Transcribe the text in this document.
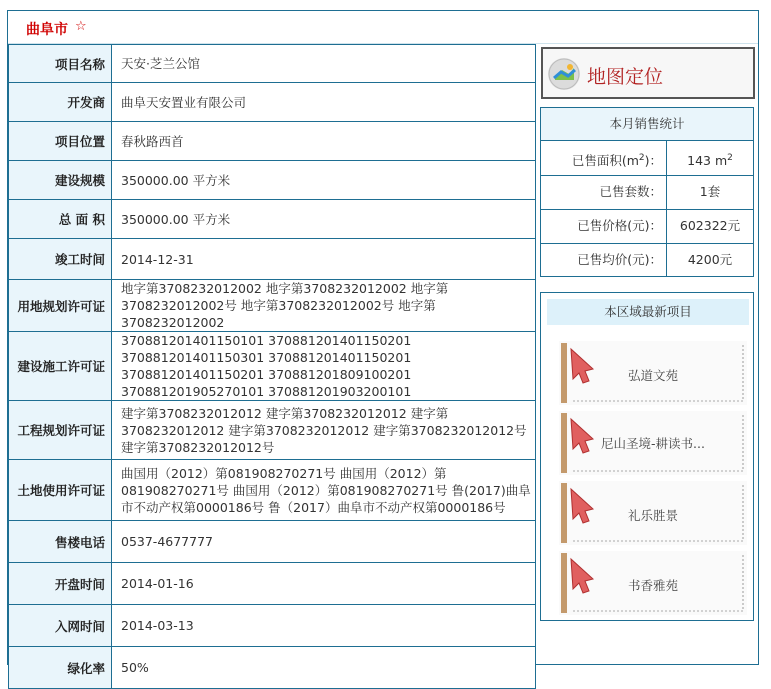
曲阜市 ☆
项目名称	天安·芝兰公馆
开发商	曲阜天安置业有限公司
项目位置	春秋路西首
建设规模	350000.00 平方米
总 面 积	350000.00 平方米
竣工时间	2014-12-31
用地规划许可证	地字第3708232012002 地字第3708232012002 地字第3708232012002号 地字第3708232012002号 地字第3708232012002
建设施工许可证	370881201401150101 370881201401150201 370881201401150301 370881201401150201 370881201401150201 370881201809100201 370881201905270101 370881201903200101
工程规划许可证	建字第3708232012012 建字第3708232012012 建字第3708232012012 建字第3708232012012 建字第3708232012012号 建字第3708232012012号
土地使用许可证	曲国用（2012）第081908270271号 曲国用（2012）第081908270271号 曲国用（2012）第081908270271号 鲁(2017)曲阜市不动产权第0000186号 鲁（2017）曲阜市不动产权第0000186号
售楼电话	0537-4677777
开盘时间	2014-01-16
入网时间	2014-03-13
绿化率	50%
地图定位
本月销售统计
已售面积$(m^2)$：	143 $m^2$
已售套数：	1套
已售价格(元)：	602322元
已售均价(元)：	4200元
本区域最新项目
弘道文苑
尼山圣境-耕读书...
礼乐胜景
书香雅苑
